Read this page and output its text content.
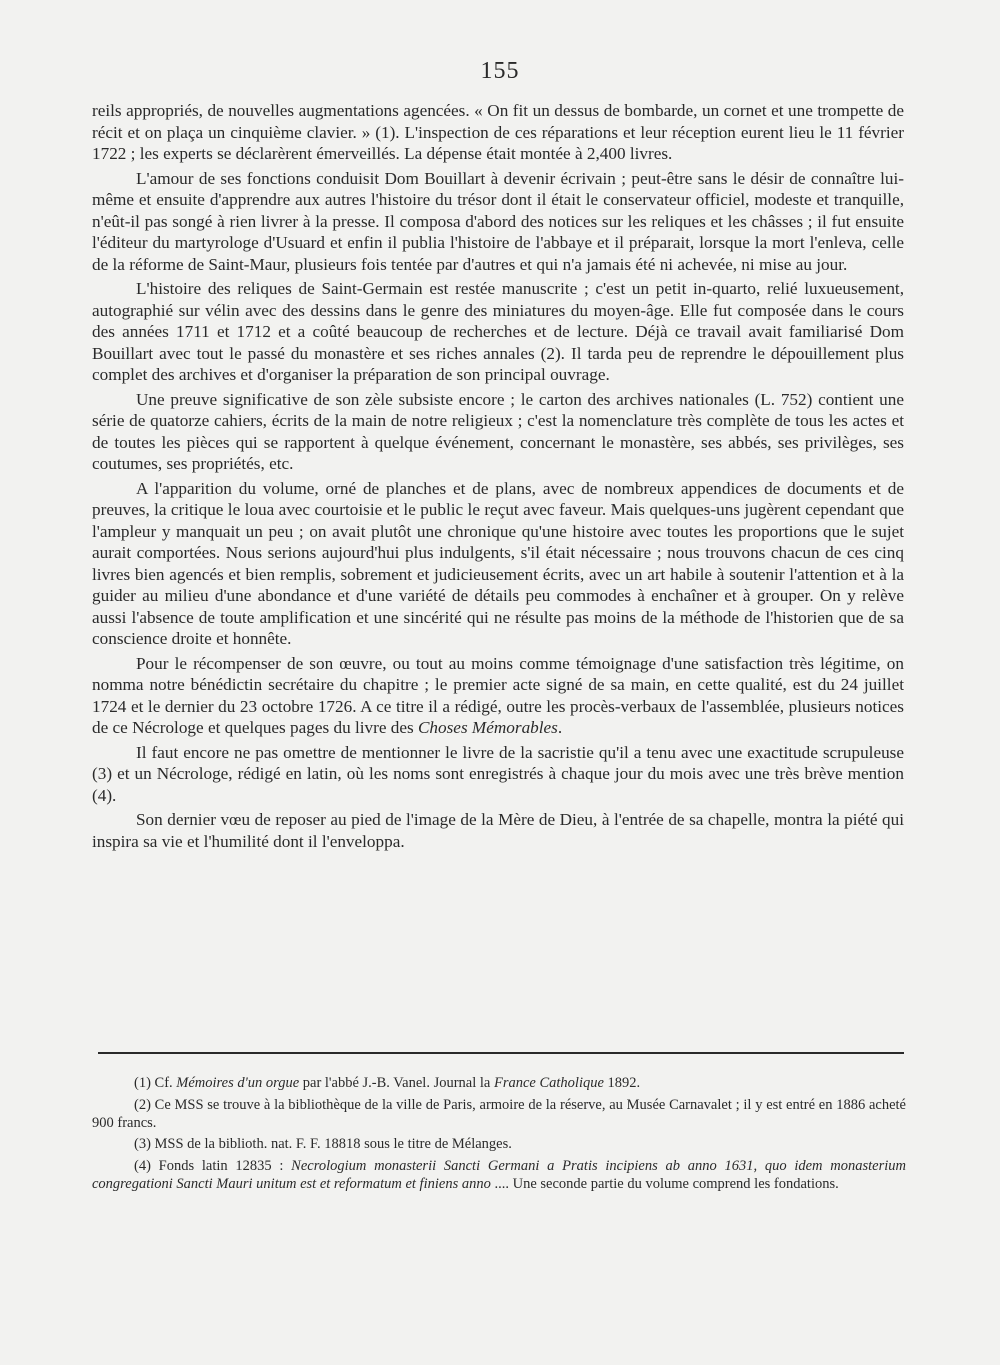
155

reils appropriés, de nouvelles augmentations agencées. « On fit un dessus de bombarde, un cornet et une trompette de récit et on plaça un cinquième clavier. » (1). L'inspection de ces réparations et leur réception eurent lieu le 11 février 1722 ; les experts se déclarèrent émerveillés. La dépense était montée à 2,400 livres.

L'amour de ses fonctions conduisit Dom Bouillart à devenir écrivain ; peut-être sans le désir de connaître lui-même et ensuite d'apprendre aux autres l'histoire du trésor dont il était le conservateur officiel, modeste et tranquille, n'eût-il pas songé à rien livrer à la presse. Il composa d'abord des notices sur les reliques et les châsses ; il fut ensuite l'éditeur du martyrologe d'Usuard et enfin il publia l'histoire de l'abbaye et il préparait, lorsque la mort l'enleva, celle de la réforme de Saint-Maur, plusieurs fois tentée par d'autres et qui n'a jamais été ni achevée, ni mise au jour.

L'histoire des reliques de Saint-Germain est restée manuscrite ; c'est un petit in-quarto, relié luxueusement, autographié sur vélin avec des dessins dans le genre des miniatures du moyen-âge. Elle fut composée dans le cours des années 1711 et 1712 et a coûté beaucoup de recherches et de lecture. Déjà ce travail avait familiarisé Dom Bouillart avec tout le passé du monastère et ses riches annales (2). Il tarda peu de reprendre le dépouillement plus complet des archives et d'organiser la préparation de son principal ouvrage.

Une preuve significative de son zèle subsiste encore ; le carton des archives nationales (L. 752) contient une série de quatorze cahiers, écrits de la main de notre religieux ; c'est la nomenclature très complète de tous les actes et de toutes les pièces qui se rapportent à quelque événement, concernant le monastère, ses abbés, ses privilèges, ses coutumes, ses propriétés, etc.

A l'apparition du volume, orné de planches et de plans, avec de nombreux appendices de documents et de preuves, la critique le loua avec courtoisie et le public le reçut avec faveur. Mais quelques-uns jugèrent cependant que l'ampleur y manquait un peu ; on avait plutôt une chronique qu'une histoire avec toutes les proportions que le sujet aurait comportées. Nous serions aujourd'hui plus indulgents, s'il était nécessaire ; nous trouvons chacun de ces cinq livres bien agencés et bien remplis, sobrement et judicieusement écrits, avec un art habile à soutenir l'attention et à la guider au milieu d'une abondance et d'une variété de détails peu commodes à enchaîner et à grouper. On y relève aussi l'absence de toute amplification et une sincérité qui ne résulte pas moins de la méthode de l'historien que de sa conscience droite et honnête.

Pour le récompenser de son œuvre, ou tout au moins comme témoignage d'une satisfaction très légitime, on nomma notre bénédictin secrétaire du chapitre ; le premier acte signé de sa main, en cette qualité, est du 24 juillet 1724 et le dernier du 23 octobre 1726. A ce titre il a rédigé, outre les procès-verbaux de l'assemblée, plusieurs notices de ce Nécrologe et quelques pages du livre des Choses Mémorables.

Il faut encore ne pas omettre de mentionner le livre de la sacristie qu'il a tenu avec une exactitude scrupuleuse (3) et un Nécrologe, rédigé en latin, où les noms sont enregistrés à chaque jour du mois avec une très brève mention (4).

Son dernier vœu de reposer au pied de l'image de la Mère de Dieu, à l'entrée de sa chapelle, montra la piété qui inspira sa vie et l'humilité dont il l'enveloppa.

(1) Cf. Mémoires d'un orgue par l'abbé J.-B. Vanel. Journal la France Catholique 1892.

(2) Ce MSS se trouve à la bibliothèque de la ville de Paris, armoire de la réserve, au Musée Carnavalet ; il y est entré en 1886 acheté 900 francs.

(3) MSS de la biblioth. nat. F. F. 18818 sous le titre de Mélanges.

(4) Fonds latin 12835 : Necrologium monasterii Sancti Germani a Pratis incipiens ab anno 1631, quo idem monasterium congregationi Sancti Mauri unitum est et reformatum et finiens anno .... Une seconde partie du volume comprend les fondations.
